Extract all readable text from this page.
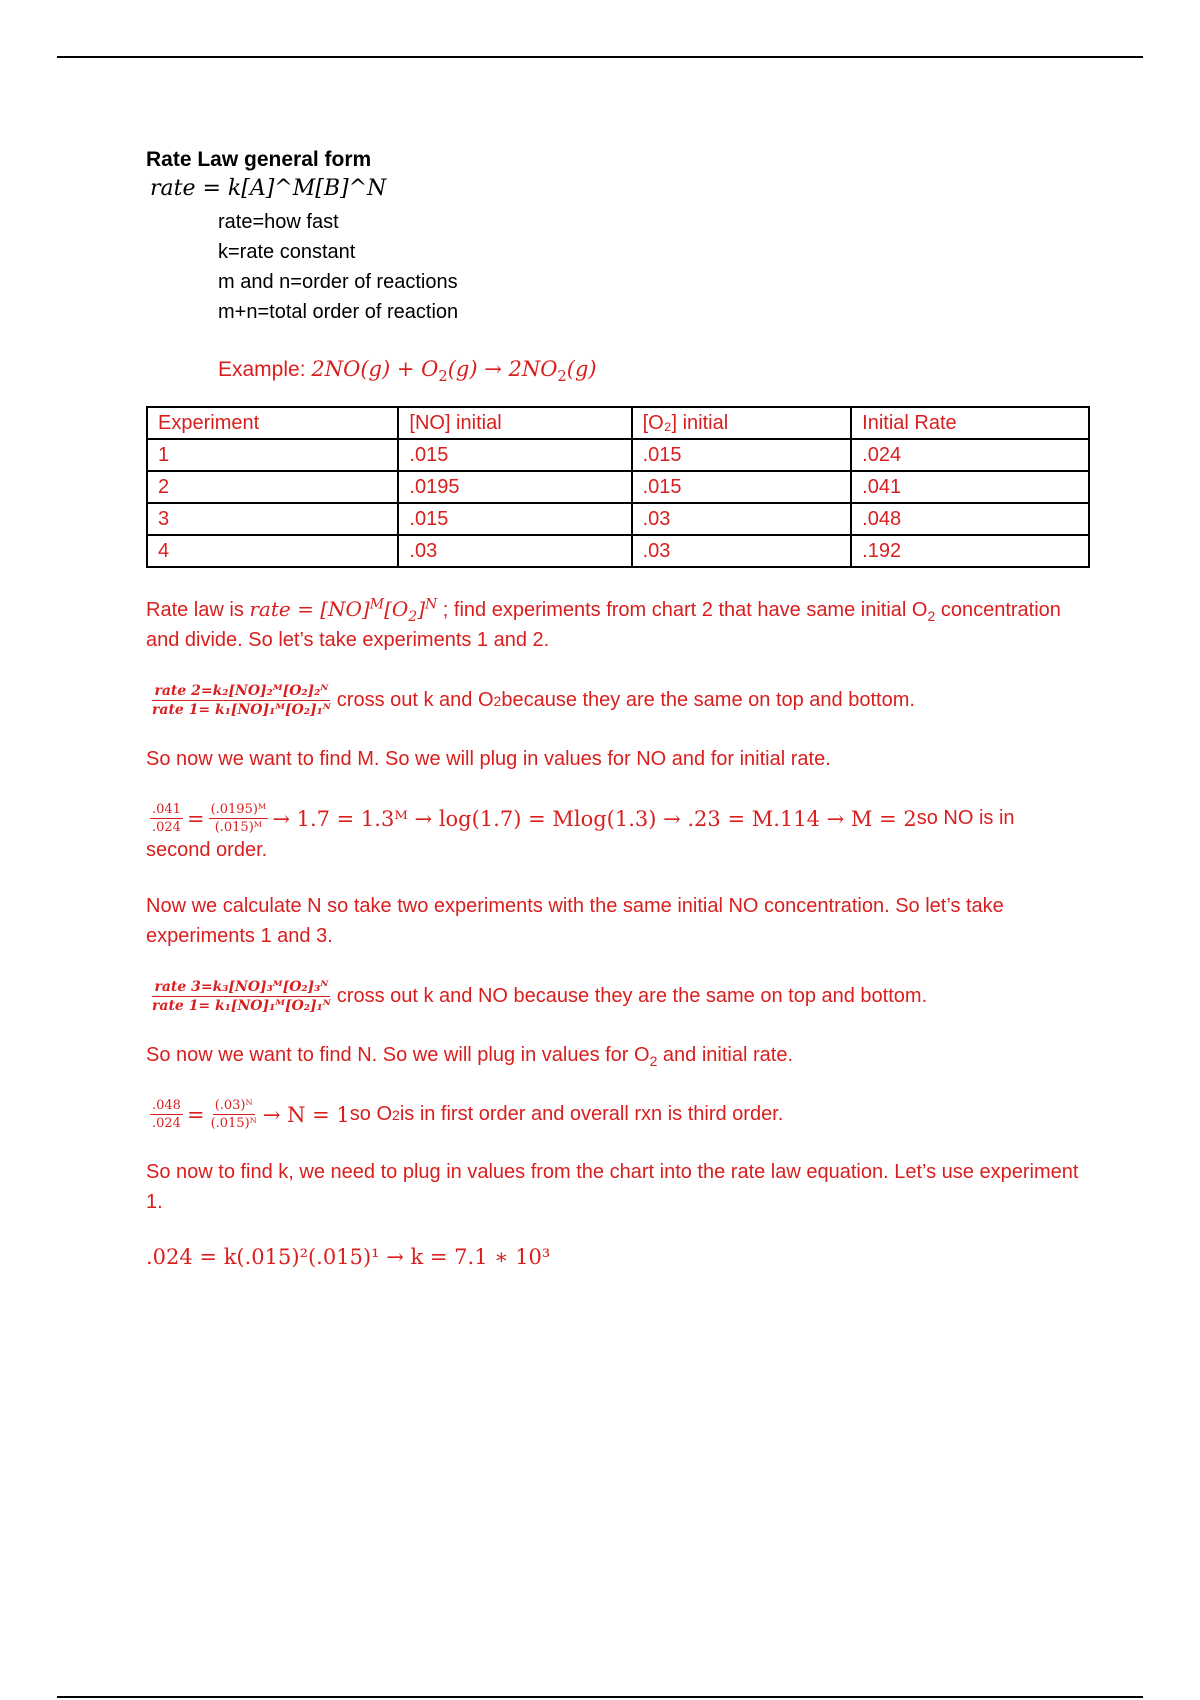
Rate Law general form
rate = k[A]^M[B]^N
rate=how fast
k=rate constant
m and n=order of reactions
m+n=total order of reaction
Example: $2NO(g) + O_2(g) \to 2NO_2(g)$
Experiment	[NO] initial	[O₂] initial	Initial Rate
1	.015	.015	.024
2	.0195	.015	.041
3	.015	.03	.048
4	.03	.03	.192

Rate law is rate = $[NO]^M[O_2]^N$ ; find experiments from chart 2 that have same initial $O_2$ concentration and divide. So let’s take experiments 1 and 2.

$\frac{\text{rate 2=k₂[NO]₂ᴹ[O₂]₂ᴺ}}{\text{rate 1= k₁[NO]₁ᴹ[O₂]₁ᴺ}}$ cross out k and O 2 because they are the same on top and bottom.

So now we want to find M. So we will plug in values for NO and for initial rate.

$\frac{.041}{.024} = \frac{\text{(.0195)ᴹ}}{\text{(.015)ᴹ}} \to 1.7$ = 1.3ᴹ → log(1.7) = Mlog(1.3) → .23 = M.114 → M = 2 so NO is in
second order.

Now we calculate N so take two experiments with the same initial NO concentration. So let’s take experiments 1 and 3.

$\frac{\text{rate 3=k₃[NO]₃ᴹ[O₂]₃ᴺ}}{\text{rate 1= k₁[NO]₁ᴹ[O₂]₁ᴺ}}$ cross out k and NO because they are the same on top and bottom.

So now we want to find N. So we will plug in values for $O_2$ and initial rate.

$\frac{.048}{.024} = \frac{\text{(.03)ᴺ}}{\text{(.015)ᴺ}} \to N = 1$ so O 2 is in first order and overall rxn is third order.

So now to find k, we need to plug in values from the chart into the rate law equation. Let’s use experiment 1.

.024 = k(.015)²(.015)¹ → k = 7.1 ∗ 10³
